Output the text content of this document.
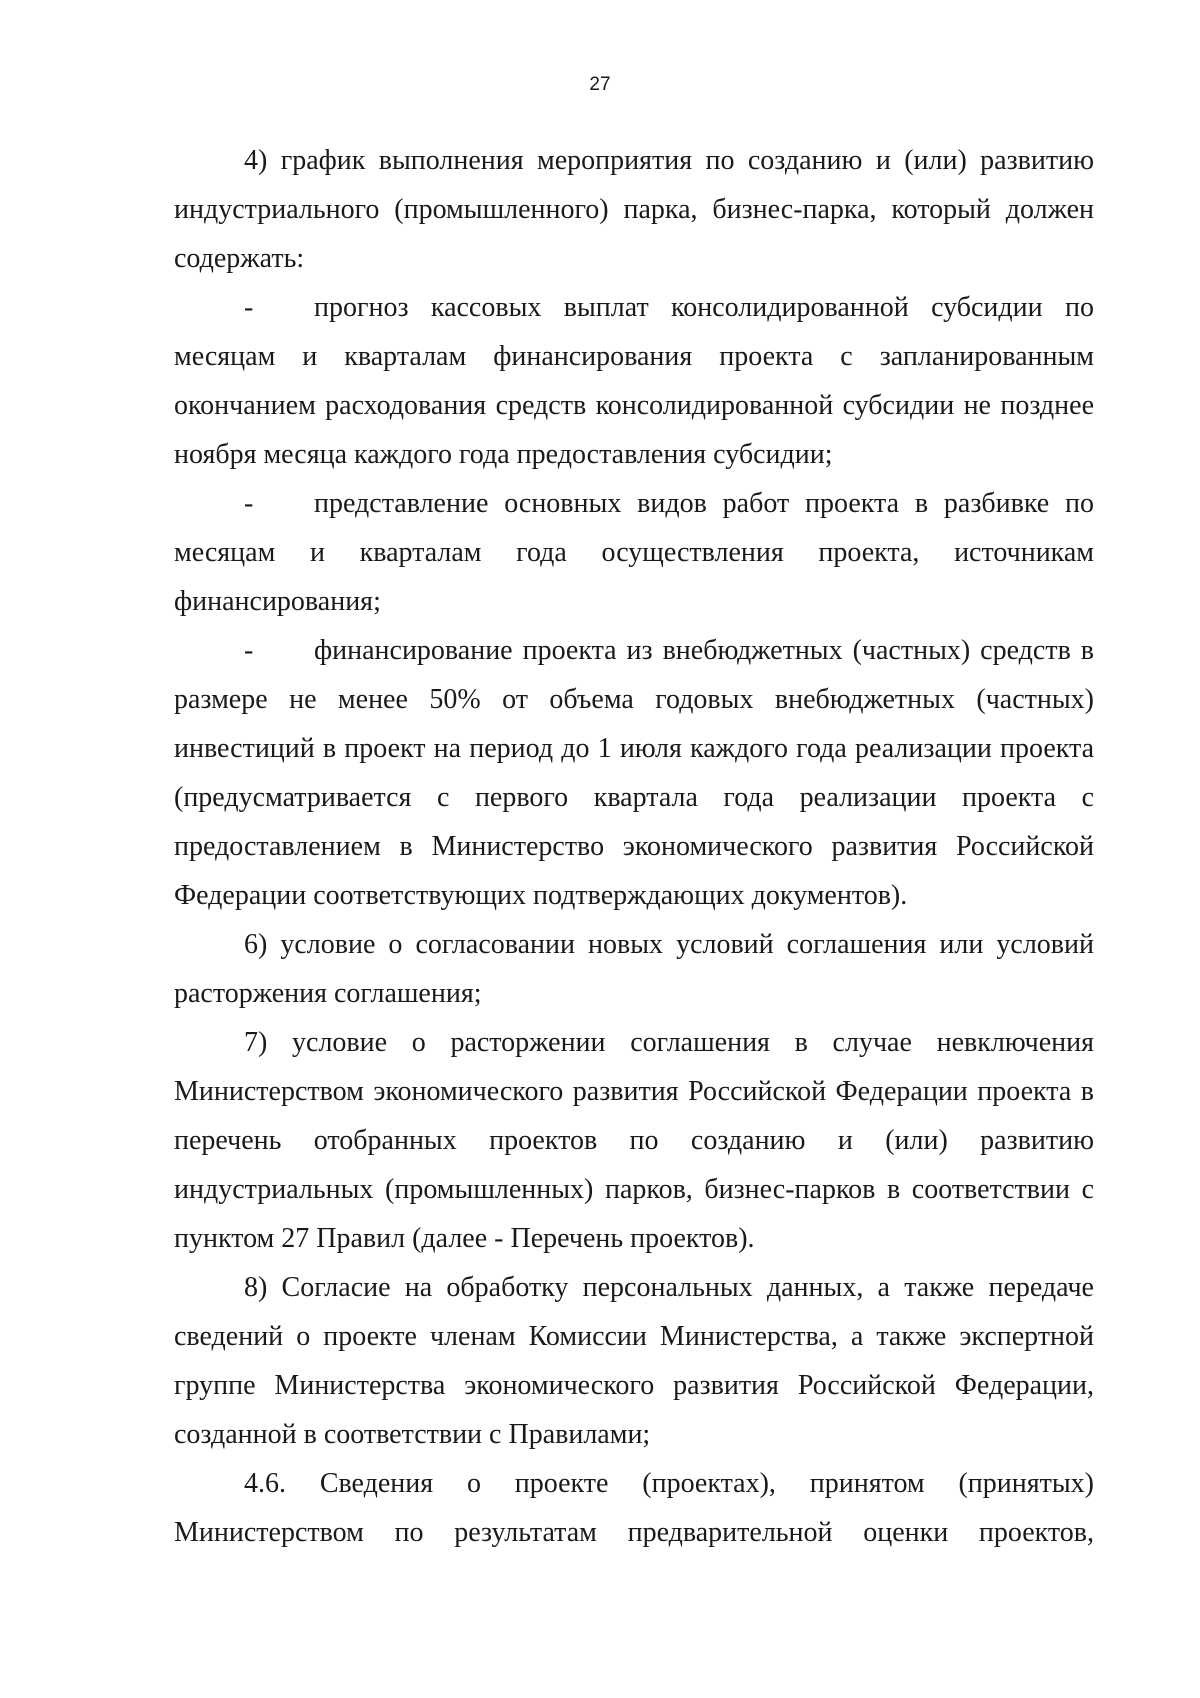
27

4) график выполнения мероприятия по созданию и (или) развитию индустриального (промышленного) парка, бизнес-парка, который должен содержать:

- прогноз кассовых выплат консолидированной субсидии по месяцам и кварталам финансирования проекта с запланированным окончанием расходования средств консолидированной субсидии не позднее ноября месяца каждого года предоставления субсидии;

- представление основных видов работ проекта в разбивке по месяцам и кварталам года осуществления проекта, источникам финансирования;

- финансирование проекта из внебюджетных (частных) средств в размере не менее 50% от объема годовых внебюджетных (частных) инвестиций в проект на период до 1 июля каждого года реализации проекта (предусматривается с первого квартала года реализации проекта с предоставлением в Министерство экономического развития Российской Федерации соответствующих подтверждающих документов).

6) условие о согласовании новых условий соглашения или условий расторжения соглашения;

7) условие о расторжении соглашения в случае невключения Министерством экономического развития Российской Федерации проекта в перечень отобранных проектов по созданию и (или) развитию индустриальных (промышленных) парков, бизнес-парков в соответствии с пунктом 27 Правил (далее - Перечень проектов).

8) Согласие на обработку персональных данных, а также передаче сведений о проекте членам Комиссии Министерства, а также экспертной группе Министерства экономического развития Российской Федерации, созданной в соответствии с Правилами;

4.6. Сведения о проекте (проектах), принятом (принятых) Министерством по результатам предварительной оценки проектов,
